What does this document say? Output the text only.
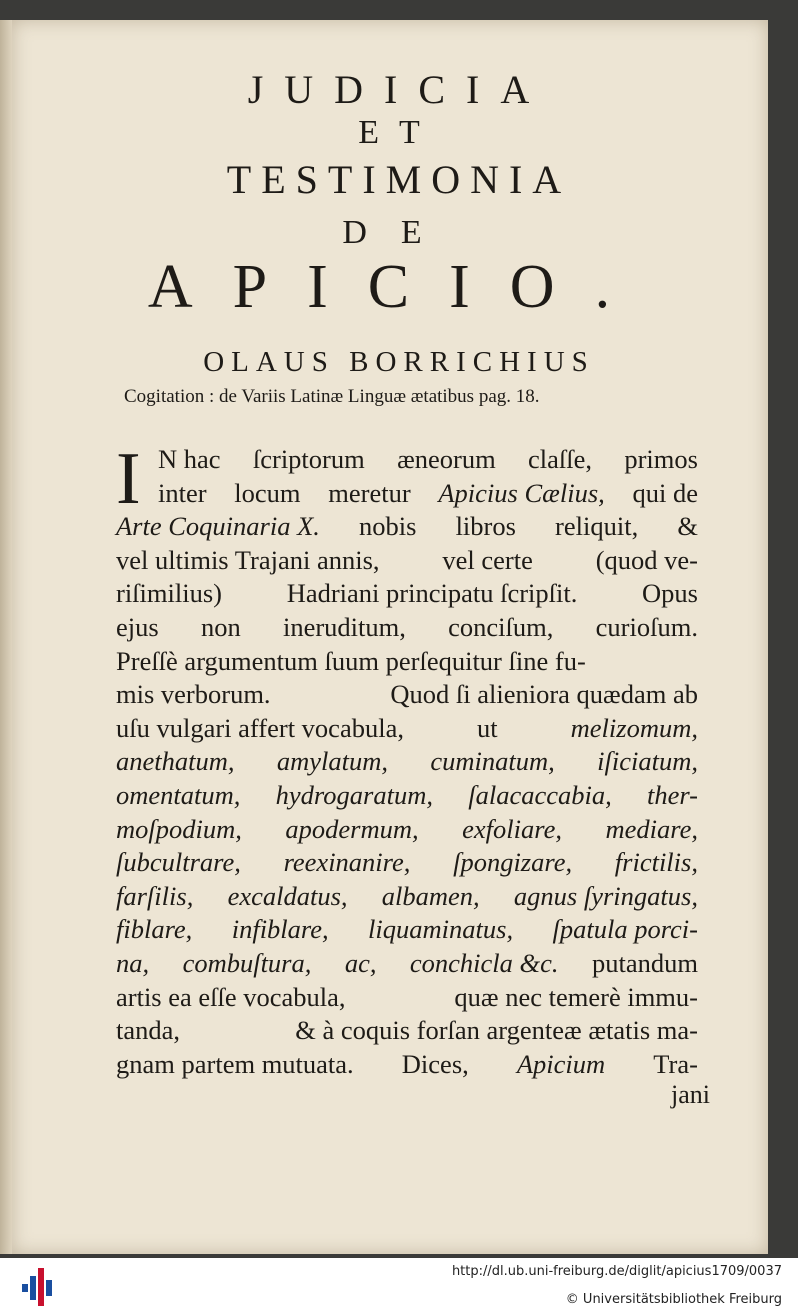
JUDICIA
ET
TESTIMONIA
DE
APICIO.
OLAUS BORRICHIUS
Cogitation : de Variis Latinæ Linguæ ætatibus pag. 18.
I N hac ſcriptorum æneorum claſſe, primos
inter locum meretur Apicius Cælius, qui de
Arte Coquinaria X. nobis libros reliquit, &
vel ultimis Trajani annis, vel certe (quod ve-
riſimilius) Hadriani principatu ſcripſit. Opus
ejus non ineruditum, conciſum, curioſum.
Preſſè argumentum ſuum perſequitur ſine fu-
mis verborum.	Quod ſi alieniora quædam ab
uſu vulgari affert vocabula,	ut	melizomum,
anethatum, amylatum, cuminatum, iſiciatum,
omentatum, hydrogaratum, ſalacaccabia, ther-
moſpodium, apodermum, exfoliare, mediare,
ſubcultrare, reexinanire, ſpongizare, frictilis,
farſilis, excaldatus, albamen, agnus ſyringatus,
fiblare, infiblare, liquaminatus, ſpatula porci-
na, combuſtura, ac, conchicla &c. putandum
artis ea eſſe vocabula,	quæ nec temerè immu-
tanda,	& à coquis forſan argenteæ ætatis ma-
gnam partem mutuata. Dices, Apicium Tra-
jani
http://dl.ub.uni-freiburg.de/diglit/apicius1709/0037
© Universitätsbibliothek Freiburg
